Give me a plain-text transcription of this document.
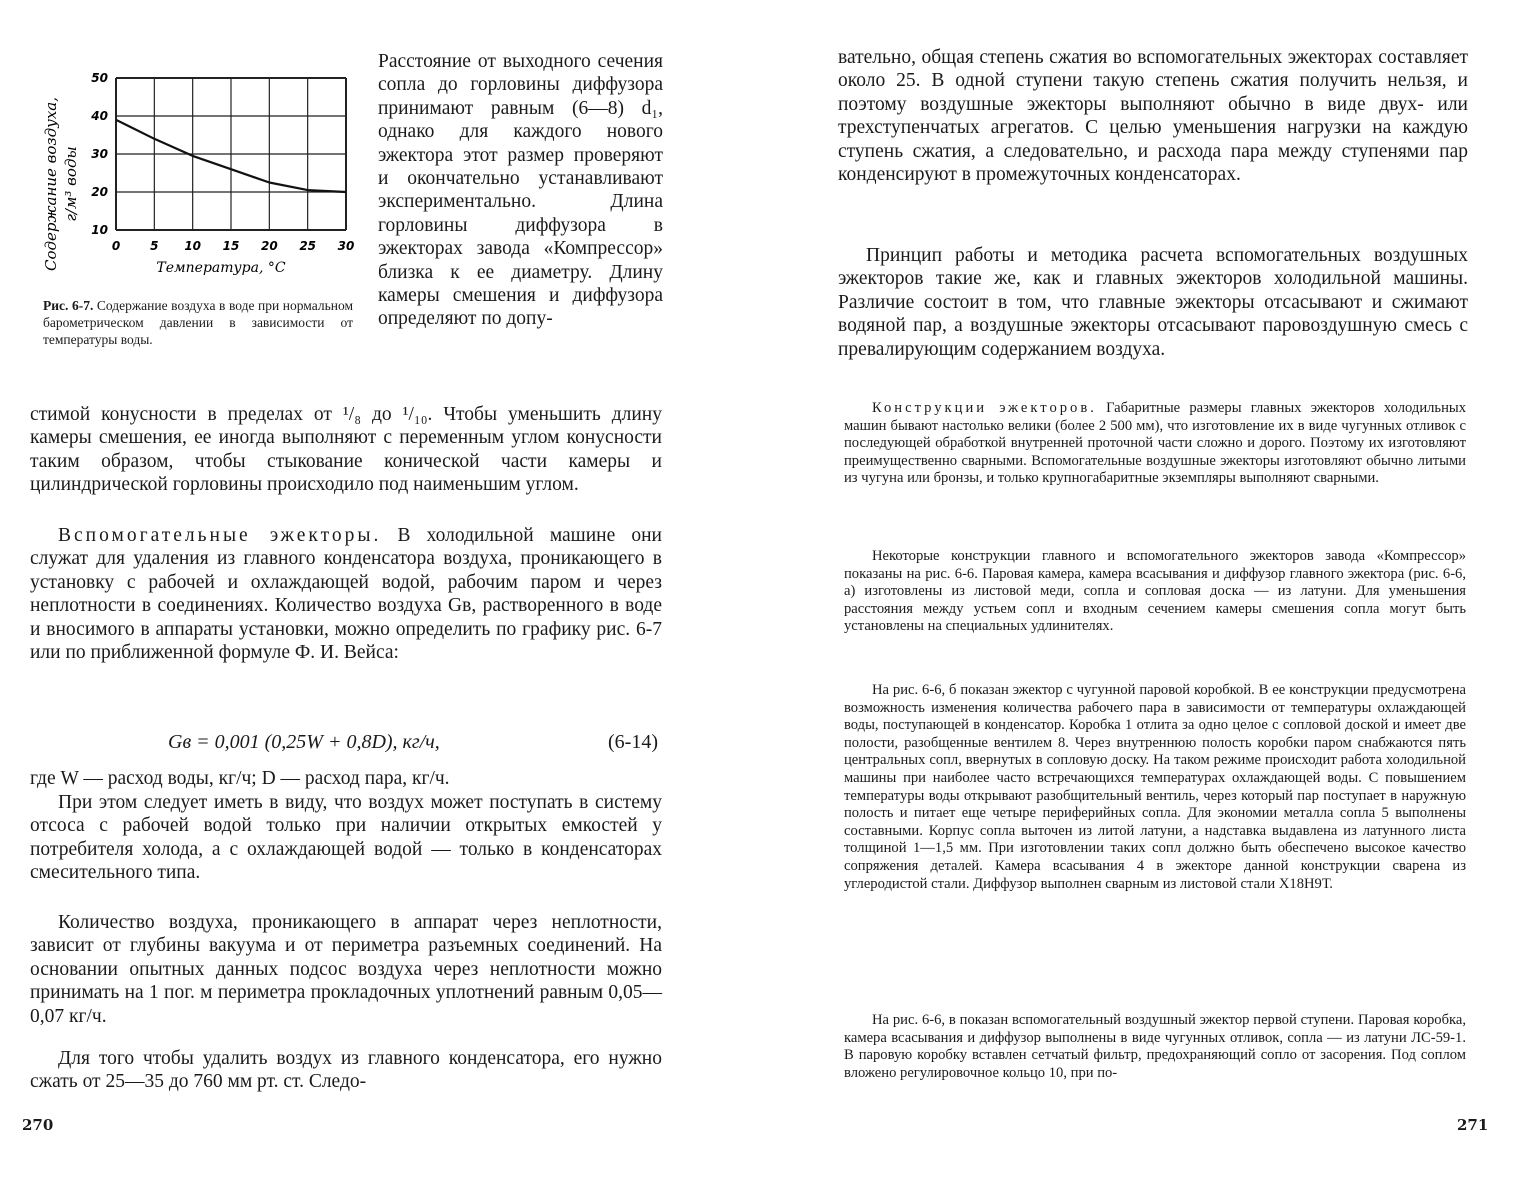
0 5 10 15 20 25 30
10
20
30
40
50
Содержание воздуха, г/м³ воды
Температура, °С

Рис. 6-7. Содержание воздуха в воде при нормальном барометрическом давлении в зависимости от температуры воды.

Расстояние от выходного сечения сопла до горловины диффузора принимают равным (6—8) d₁, однако для каждого нового эжектора этот размер проверяют и окончательно устанавливают экспериментально. Длина горловины диффузора в эжекторах завода «Компрессор» близка к ее диаметру. Длину камеры смешения и диффузора определяют по допу-

стимой конусности в пределах от ¹/₈ до ¹/₁₀. Чтобы уменьшить длину камеры смешения, ее иногда выполняют с переменным углом конусности таким образом, чтобы стыкование конической части камеры и цилиндрической горловины происходило под наименьшим углом.

Вспомогательные эжекторы. В холодильной машине они служат для удаления из главного конденсатора воздуха, проникающего в установку с рабочей и охлаждающей водой, рабочим паром и через неплотности в соединениях. Количество воздуха Gв, растворенного в воде и вносимого в аппараты установки, можно определить по графику рис. 6-7 или по приближенной формуле Ф. И. Вейса:

Gв = 0,001 (0,25W + 0,8D), кг/ч,	(6-14)

где W — расход воды, кг/ч; D — расход пара, кг/ч.

При этом следует иметь в виду, что воздух может поступать в систему отсоса с рабочей водой только при наличии открытых емкостей у потребителя холода, а с охлаждающей водой — только в конденсаторах смесительного типа.

Количество воздуха, проникающего в аппарат через неплотности, зависит от глубины вакуума и от периметра разъемных соединений. На основании опытных данных подсос воздуха через неплотности можно принимать на 1 пог. м периметра прокладочных уплотнений равным 0,05—0,07 кг/ч.

Для того чтобы удалить воздух из главного конденсатора, его нужно сжать от 25—35 до 760 мм рт. ст. Следо-

270

вательно, общая степень сжатия во вспомогательных эжекторах составляет около 25. В одной ступени такую степень сжатия получить нельзя, и поэтому воздушные эжекторы выполняют обычно в виде двух- или трехступенчатых агрегатов. С целью уменьшения нагрузки на каждую ступень сжатия, а следовательно, и расхода пара между ступенями пар конденсируют в промежуточных конденсаторах.

Принцип работы и методика расчета вспомогательных воздушных эжекторов такие же, как и главных эжекторов холодильной машины. Различие состоит в том, что главные эжекторы отсасывают и сжимают водяной пар, а воздушные эжекторы отсасывают паровоздушную смесь с превалирующим содержанием воздуха.

Конструкции эжекторов. Габаритные размеры главных эжекторов холодильных машин бывают настолько велики (более 2 500 мм), что изготовление их в виде чугунных отливок с последующей обработкой внутренней проточной части сложно и дорого. Поэтому их изготовляют преимущественно сварными. Вспомогательные воздушные эжекторы изготовляют обычно литыми из чугуна или бронзы, и только крупногабаритные экземпляры выполняют сварными.

Некоторые конструкции главного и вспомогательного эжекторов завода «Компрессор» показаны на рис. 6-6. Паровая камера, камера всасывания и диффузор главного эжектора (рис. 6-6, а) изготовлены из листовой меди, сопла и сопловая доска — из латуни. Для уменьшения расстояния между устьем сопл и входным сечением камеры смешения сопла могут быть установлены на специальных удлинителях.

На рис. 6-6, б показан эжектор с чугунной паровой коробкой. В ее конструкции предусмотрена возможность изменения количества рабочего пара в зависимости от температуры охлаждающей воды, поступающей в конденсатор. Коробка 1 отлита за одно целое с сопловой доской и имеет две полости, разобщенные вентилем 8. Через внутреннюю полость коробки паром снабжаются пять центральных сопл, ввернутых в сопловую доску. На таком режиме происходит работа холодильной машины при наиболее часто встречающихся температурах охлаждающей воды. С повышением температуры воды открывают разобщительный вентиль, через который пар поступает в наружную полость и питает еще четыре периферийных сопла. Для экономии металла сопла 5 выполнены составными. Корпус сопла выточен из литой латуни, а надставка выдавлена из латунного листа толщиной 1—1,5 мм. При изготовлении таких сопл должно быть обеспечено высокое качество сопряжения деталей. Камера всасывания 4 в эжекторе данной конструкции сварена из углеродистой стали. Диффузор выполнен сварным из листовой стали Х18Н9Т.

На рис. 6-6, в показан вспомогательный воздушный эжектор первой ступени. Паровая коробка, камера всасывания и диффузор выполнены в виде чугунных отливок, сопла — из латуни ЛС-59-1. В паровую коробку вставлен сетчатый фильтр, предохраняющий сопло от засорения. Под соплом вложено регулировочное кольцо 10, при по-

271
